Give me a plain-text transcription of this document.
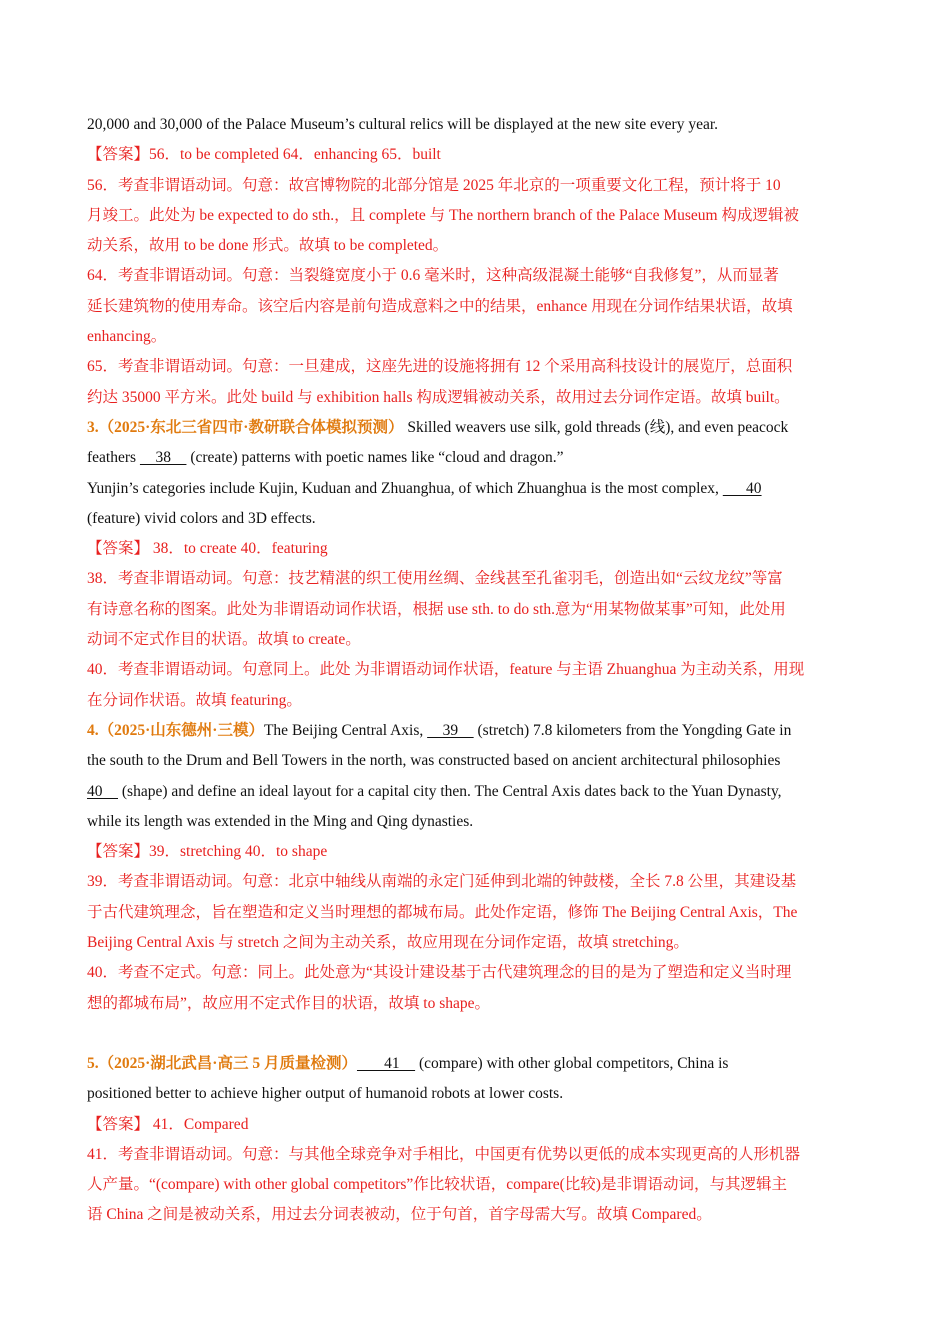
20,000 and 30,000 of the Palace Museum’s cultural relics will be displayed at the new site every year.
【答案】56．to be completed 64．enhancing 65．built
56．考查非谓语动词。句意：故宫博物院的北部分馆是 2025 年北京的一项重要文化工程，预计将于 10
月竣工。此处为 be expected to do sth.，且 complete 与 The northern branch of the Palace Museum 构成逻辑被
动关系，故用 to be done 形式。故填 to be completed。
64．考查非谓语动词。句意：当裂缝宽度小于 0.6 毫米时，这种高级混凝土能够“自我修复”，从而显著
延长建筑物的使用寿命。该空后内容是前句造成意料之中的结果，enhance 用现在分词作结果状语，故填
enhancing。
65．考查非谓语动词。句意：一旦建成，这座先进的设施将拥有 12 个采用高科技设计的展览厅，总面积
约达 35000 平方米。此处 build 与 exhibition halls 构成逻辑被动关系，故用过去分词作定语。故填 built。
3.（2025·东北三省四市·教研联合体模拟预测） Skilled weavers use silk, gold threads (线), and even peacock
feathers     38     (create) patterns with poetic names like “cloud and dragon.”
Yunjin’s categories include Kujin, Kuduan and Zhuanghua, of which Zhuanghua is the most complex,       40
(feature) vivid colors and 3D effects.
【答案】 38．to create 40．featuring
38．考查非谓语动词。句意：技艺精湛的织工使用丝绸、金线甚至孔雀羽毛，创造出如“云纹龙纹”等富
有诗意名称的图案。此处为非谓语动词作状语，根据 use sth. to do sth.意为“用某物做某事”可知，此处用
动词不定式作目的状语。故填 to create。
40．考查非谓语动词。句意同上。此处 为非谓语动词作状语，feature 与主语 Zhuanghua 为主动关系，用现
在分词作状语。故填 featuring。
4.（2025·山东德州·三模）The Beijing Central Axis,     39     (stretch) 7.8 kilometers from the Yongding Gate in
the south to the Drum and Bell Towers in the north, was constructed based on ancient architectural philosophies
40     (shape) and define an ideal layout for a capital city then. The Central Axis dates back to the Yuan Dynasty,
while its length was extended in the Ming and Qing dynasties.
【答案】39．stretching 40．to shape
39．考查非谓语动词。句意：北京中轴线从南端的永定门延伸到北端的钟鼓楼，全长 7.8 公里，其建设基
于古代建筑理念，旨在塑造和定义当时理想的都城布局。此处作定语，修饰 The Beijing Central Axis，The
Beijing Central Axis 与 stretch 之间为主动关系，故应用现在分词作定语，故填 stretching。
40．考查不定式。句意：同上。此处意为“其设计建设基于古代建筑理念的目的是为了塑造和定义当时理
想的都城布局”，故应用不定式作目的状语，故填 to shape。
5.（2025·湖北武昌·高三 5 月质量检测）       41     (compare) with other global competitors, China is
positioned better to achieve higher output of humanoid robots at lower costs.
【答案】 41．Compared
41．考查非谓语动词。句意：与其他全球竞争对手相比，中国更有优势以更低的成本实现更高的人形机器
人产量。“(compare) with other global competitors”作比较状语，compare(比较)是非谓语动词，与其逻辑主
语 China 之间是被动关系，用过去分词表被动，位于句首，首字母需大写。故填 Compared。
